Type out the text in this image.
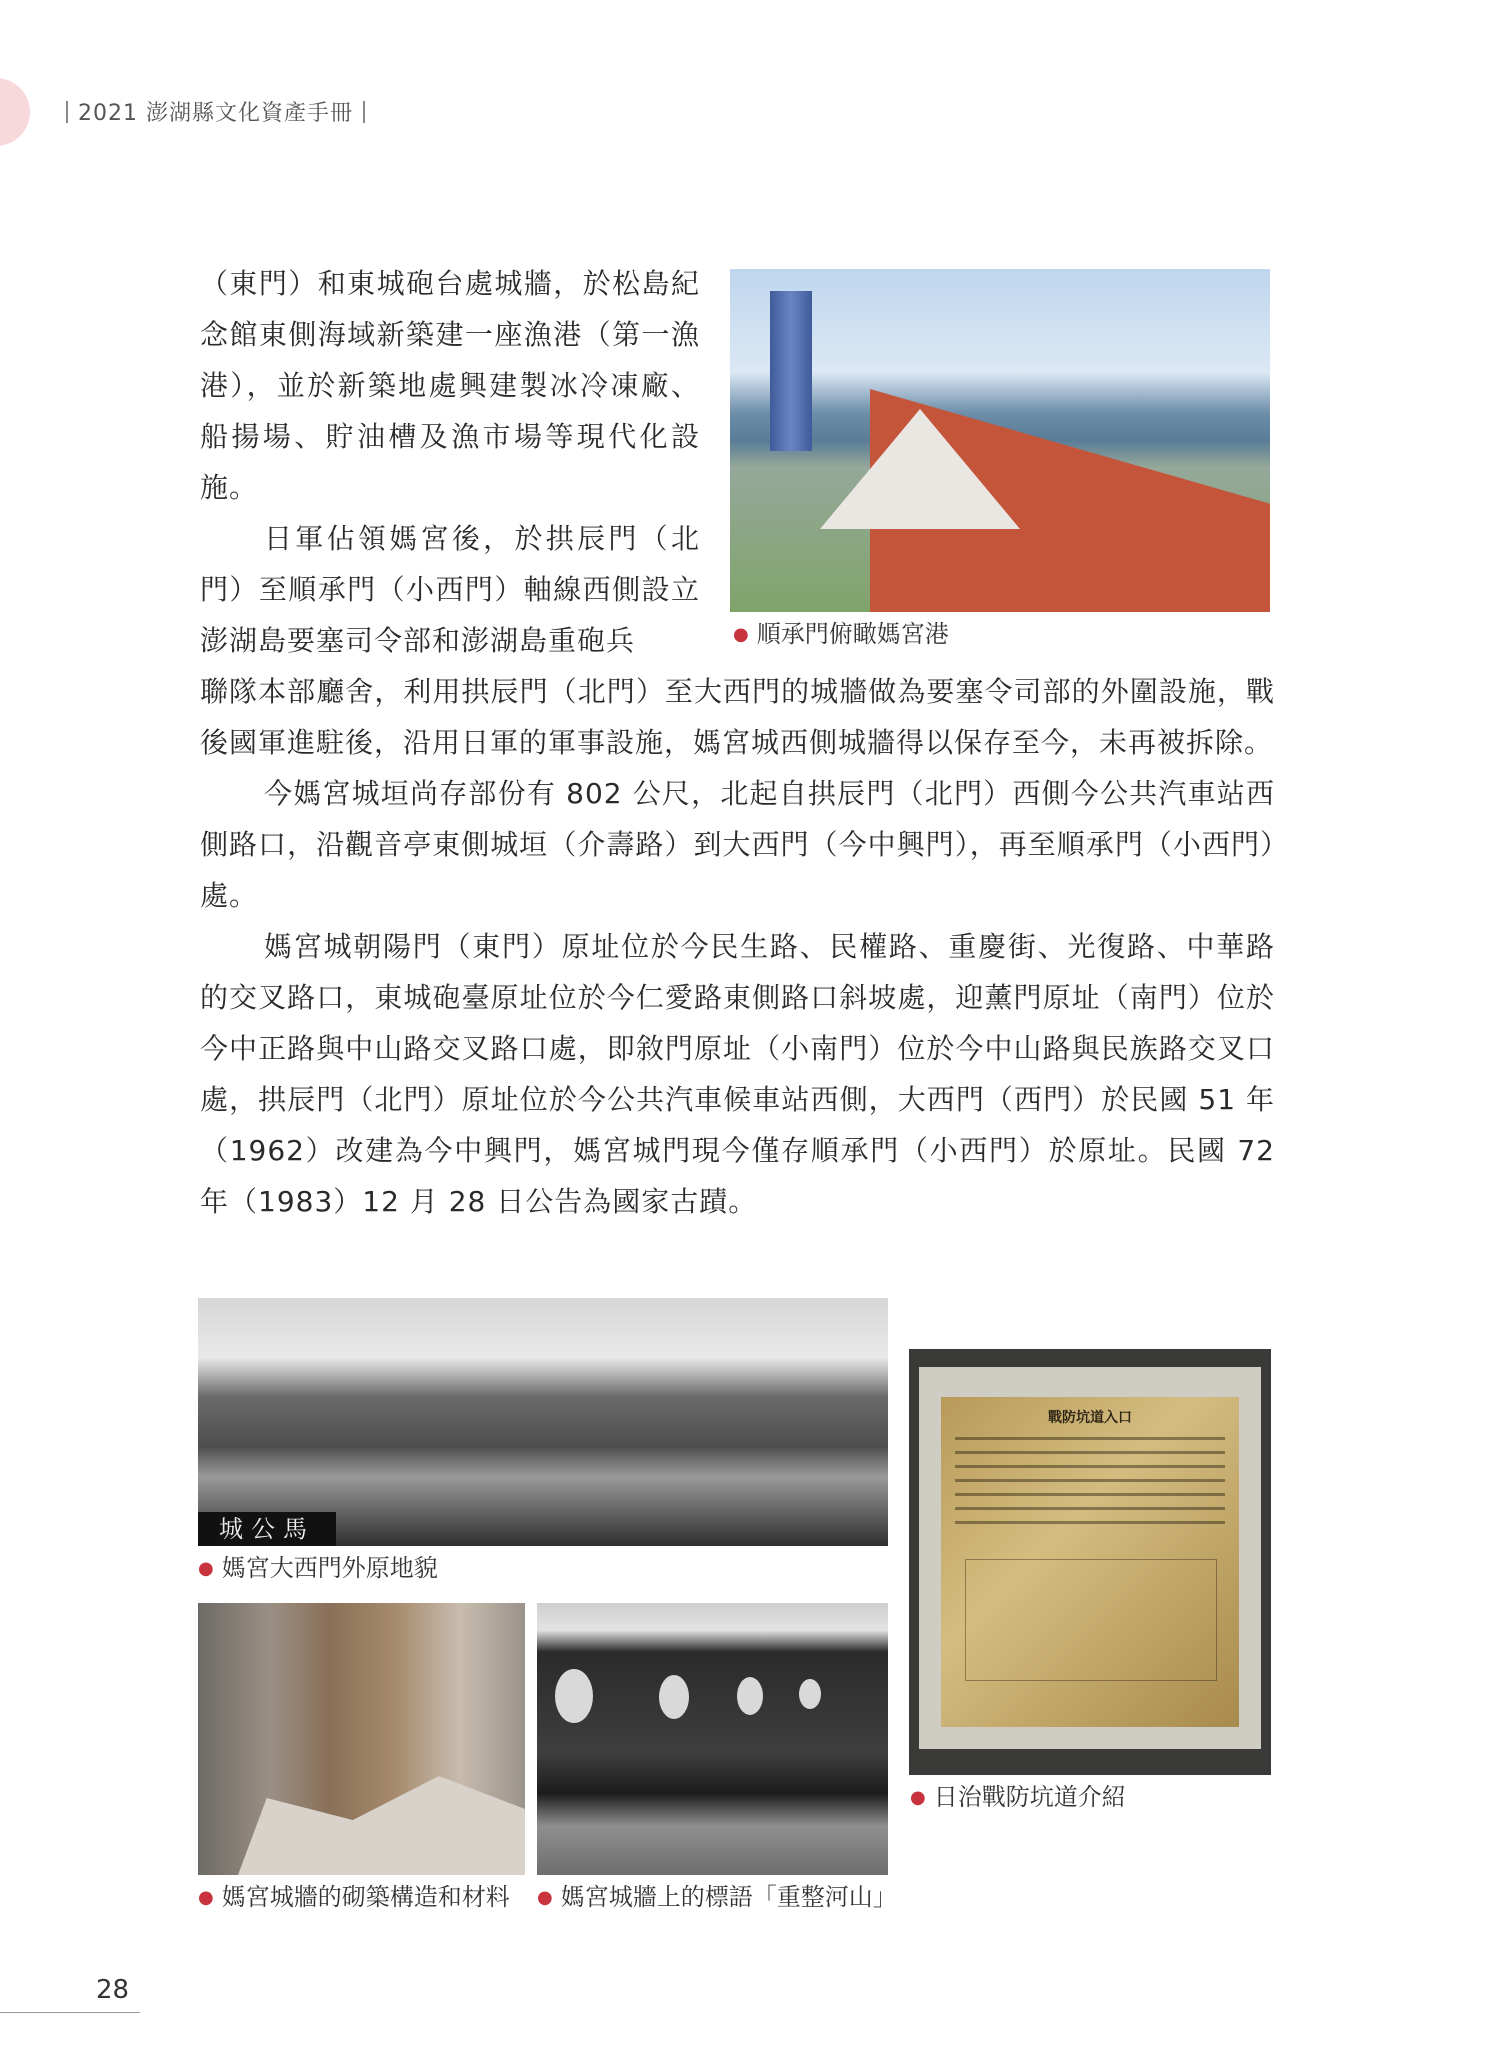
2021 澎湖縣文化資產手冊

（東門）和東城砲台處城牆，於松島紀念館東側海域新築建一座漁港（第一漁港），並於新築地處興建製冰冷凍廠、船揚場、貯油槽及漁市場等現代化設施。

日軍佔領媽宮後，於拱辰門（北門）至順承門（小西門）軸線西側設立澎湖島要塞司令部和澎湖島重砲兵	● 順承門俯瞰媽宮港

聯隊本部廳舍，利用拱辰門（北門）至大西門的城牆做為要塞令司部的外圍設施，戰後國軍進駐後，沿用日軍的軍事設施，媽宮城西側城牆得以保存至今，未再被拆除。

今媽宮城垣尚存部份有 802 公尺，北起自拱辰門（北門）西側今公共汽車站西側路口，沿觀音亭東側城垣（介壽路）到大西門（今中興門），再至順承門（小西門）處。

媽宮城朝陽門（東門）原址位於今民生路、民權路、重慶街、光復路、中華路的交叉路口，東城砲臺原址位於今仁愛路東側路口斜坡處，迎薰門原址（南門）位於今中正路與中山路交叉路口處，即敘門原址（小南門）位於今中山路與民族路交叉口處，拱辰門（北門）原址位於今公共汽車候車站西側，大西門（西門）於民國 51 年（1962）改建為今中興門，媽宮城門現今僅存順承門（小西門）於原址。民國 72 年（1983）12 月 28 日公告為國家古蹟。

城公馬
● 媽宮大西門外原地貌
戰防坑道入口
● 日治戰防坑道介紹
● 媽宮城牆的砌築構造和材料 ● 媽宮城牆上的標語「重整河山」
28
